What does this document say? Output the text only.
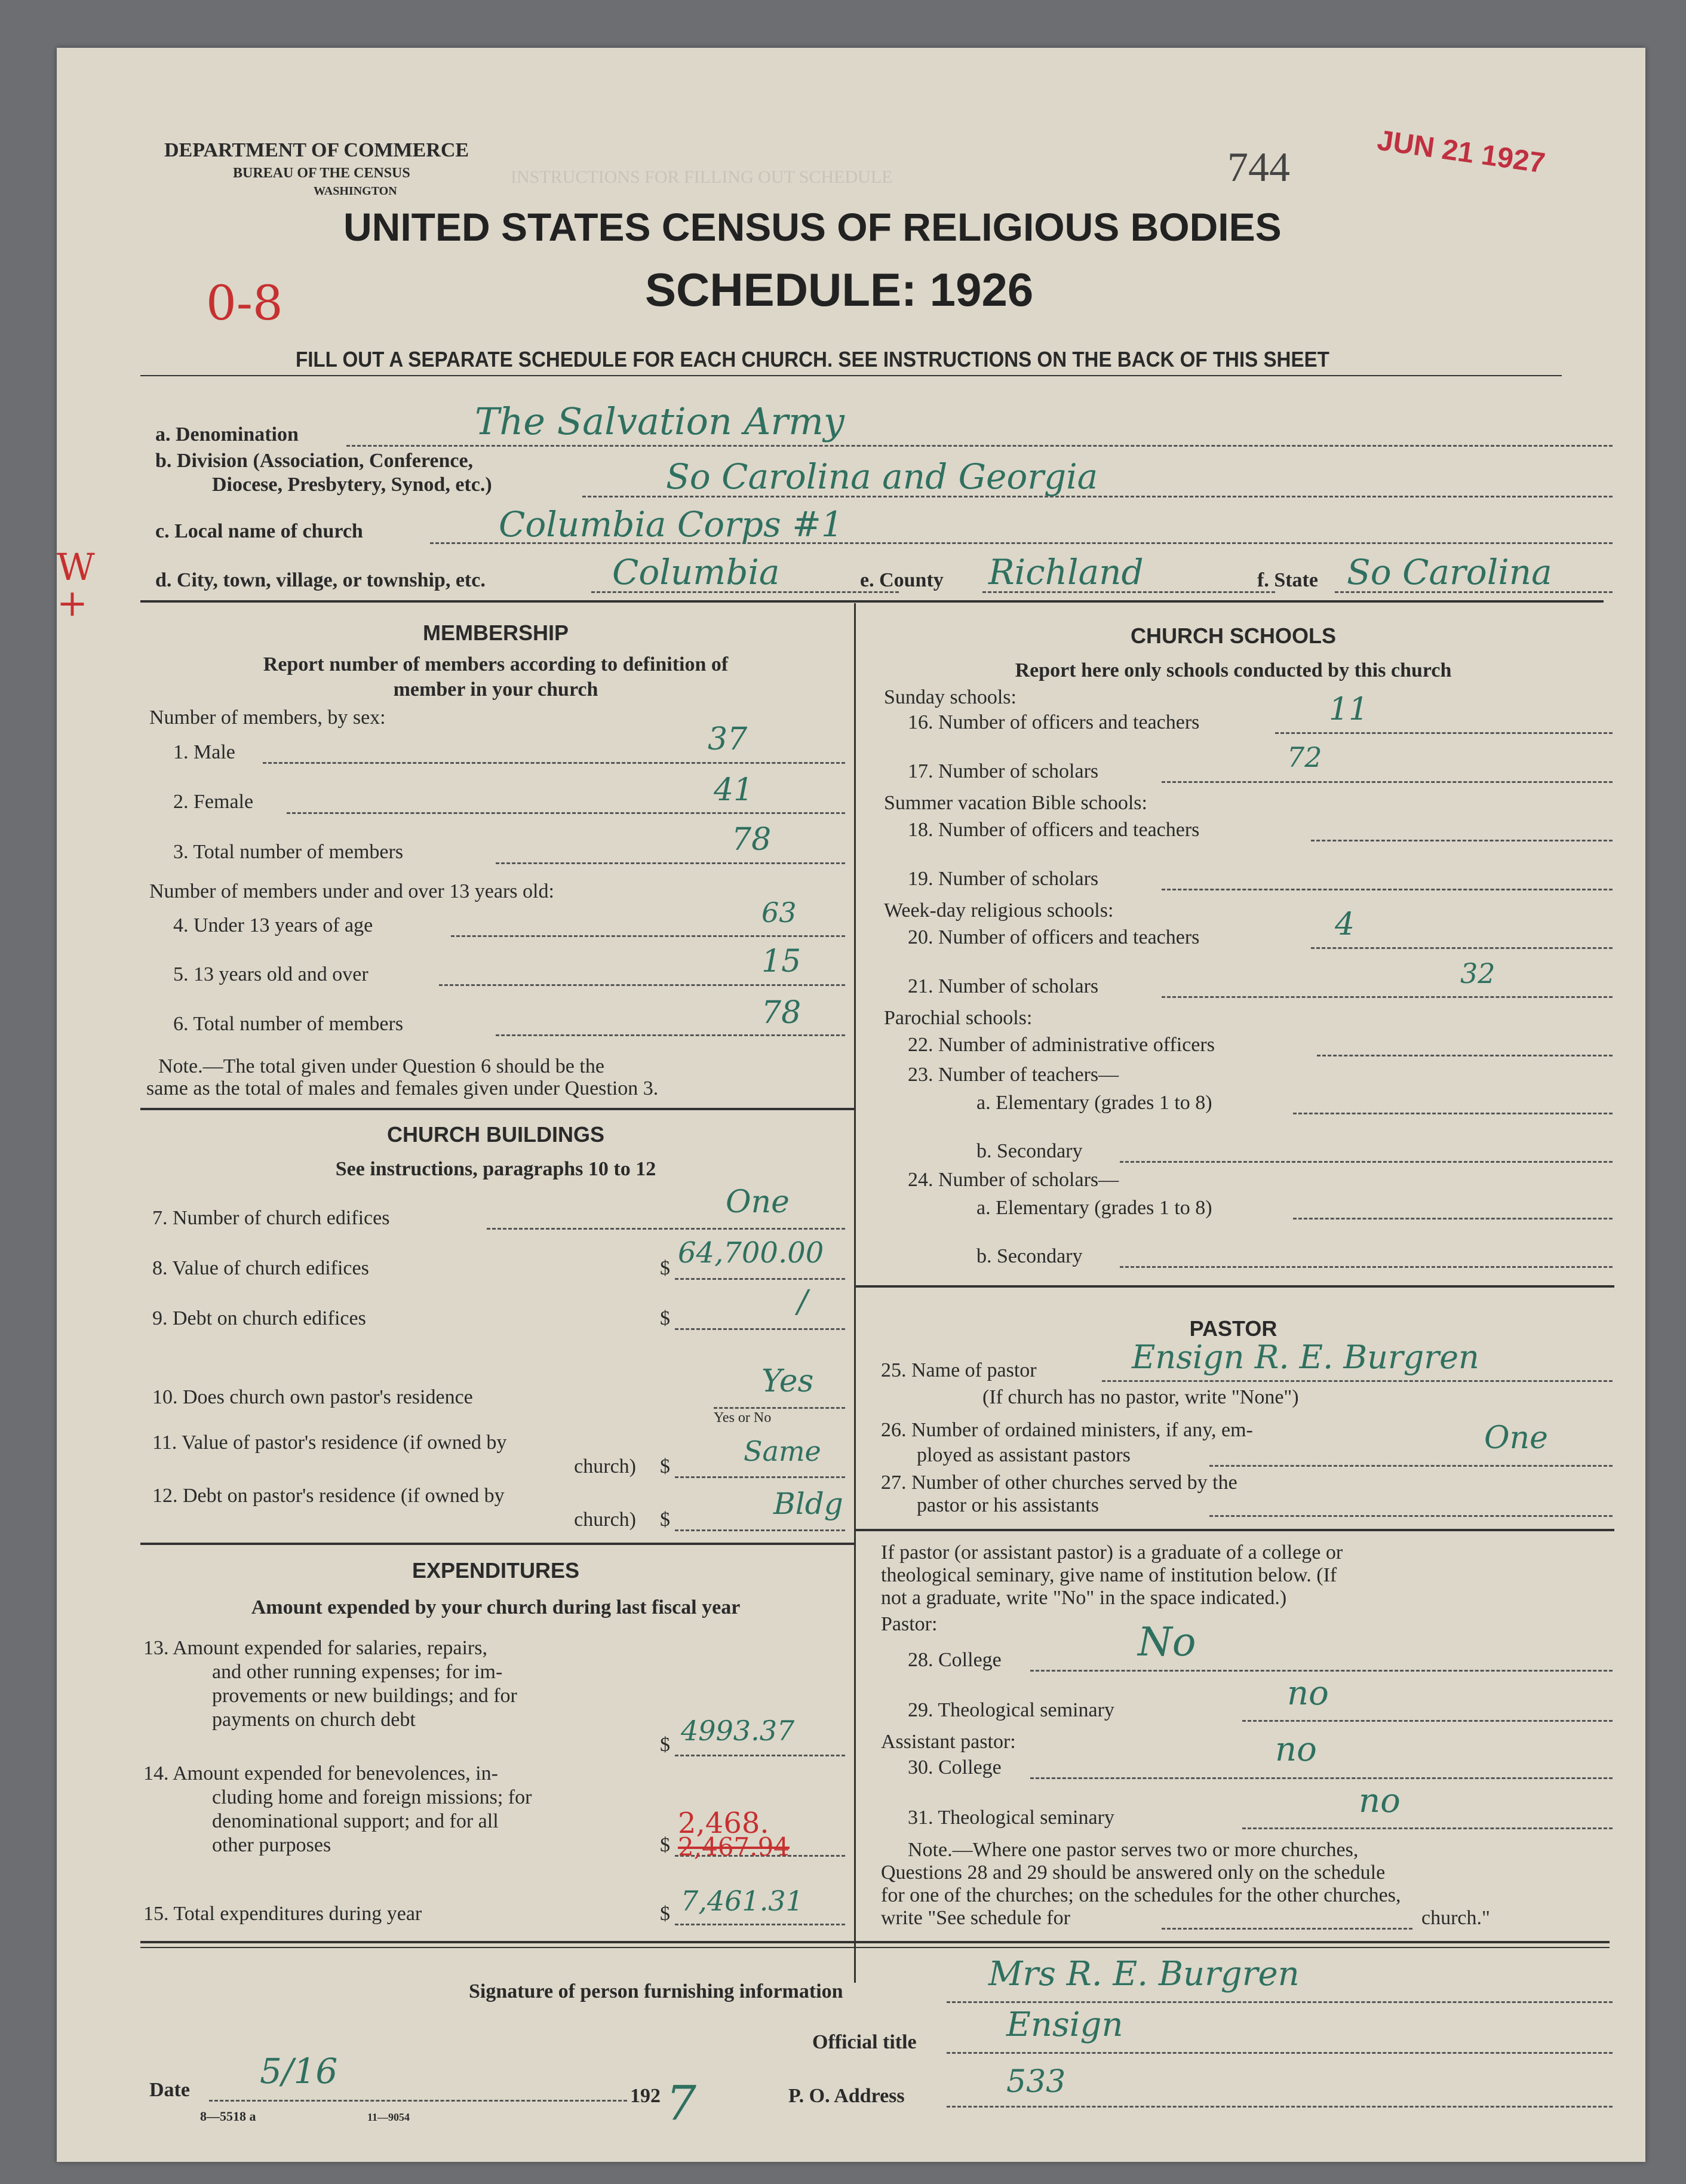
INSTRUCTIONS FOR FILLING OUT SCHEDULE
DEPARTMENT OF COMMERCE
BUREAU OF THE CENSUS
WASHINGTON
744	JUN 21 1927
UNITED STATES CENSUS OF RELIGIOUS BODIES
SCHEDULE: 1926
0-8
FILL OUT A SEPARATE SCHEDULE FOR EACH CHURCH. SEE INSTRUCTIONS ON THE BACK OF THIS SHEET
a. Denomination	The Salvation Army
b. Division (Association, Conference,
Diocese, Presbytery, Synod, etc.)	So Carolina and Georgia
c. Local name of church	Columbia Corps #1
W +
d. City, town, village, or township, etc.	Columbia	e. County Richland	f. State So Carolina
MEMBERSHIP
Report number of members according to definition of
member in your church
Number of members, by sex:
1. Male	37
2. Female	41
3. Total number of members	78
Number of members under and over 13 years old:
4. Under 13 years of age	63
5. 13 years old and over	15
6. Total number of members	78
Note.—The total given under Question 6 should be the
same as the total of males and females given under Question 3.
CHURCH BUILDINGS
See instructions, paragraphs 10 to 12
7. Number of church edifices	One
8. Value of church edifices	$ 64,700.00
9. Debt on church edifices	$	/
10. Does church own pastor's residence	Yes
Yes or No
11. Value of pastor's residence (if owned by
church) $	Same
12. Debt on pastor's residence (if owned by
church) $	Bldg
EXPENDITURES
Amount expended by your church during last fiscal year
13. Amount expended for salaries, repairs,
and other running expenses; for im-
provements or new buildings; and for
payments on church debt
$ 4993.37
14. Amount expended for benevolences, in-
cluding home and foreign missions; for
denominational support; and for all
other purposes
2,468.
$ 2,467.94
15. Total expenditures during year	$ 7,461.31
CHURCH SCHOOLS
Report here only schools conducted by this church
Sunday schools:
16. Number of officers and teachers	11
17. Number of scholars	72
Summer vacation Bible schools:
18. Number of officers and teachers
19. Number of scholars
Week-day religious schools:
20. Number of officers and teachers	4
21. Number of scholars	32
Parochial schools:
22. Number of administrative officers
23. Number of teachers—
a. Elementary (grades 1 to 8)
b. Secondary
24. Number of scholars—
a. Elementary (grades 1 to 8)
b. Secondary
PASTOR
25. Name of pastor	Ensign R. E. Burgren
(If church has no pastor, write "None")
26. Number of ordained ministers, if any, em-
ployed as assistant pastors	One
27. Number of other churches served by the
pastor or his assistants
If pastor (or assistant pastor) is a graduate of a college or
theological seminary, give name of institution below. (If
not a graduate, write "No" in the space indicated.)
Pastor:
28. College	No
29. Theological seminary	no
Assistant pastor:
30. College	no
31. Theological seminary	no
Note.—Where one pastor serves two or more churches,
Questions 28 and 29 should be answered only on the schedule
for one of the churches; on the schedules for the other churches,
write "See schedule for	church."
Signature of person furnishing information	Mrs R. E. Burgren
Official title	Ensign
Date 5/16
192 7	P. O. Address	533
8—5518 a	11—9054
